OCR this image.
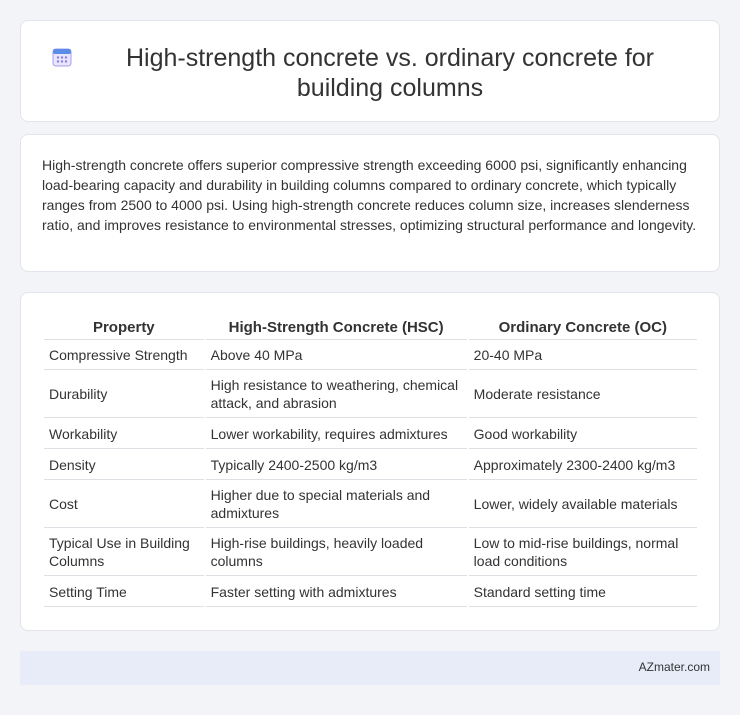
High-strength concrete vs. ordinary concrete for building columns

High-strength concrete offers superior compressive strength exceeding 6000 psi, significantly enhancing load-bearing capacity and durability in building columns compared to ordinary concrete, which typically ranges from 2500 to 4000 psi. Using high-strength concrete reduces column size, increases slenderness ratio, and improves resistance to environmental stresses, optimizing structural performance and longevity.

Property	High-Strength Concrete (HSC)	Ordinary Concrete (OC)
Compressive Strength	Above 40 MPa	20-40 MPa
Durability	High resistance to weathering, chemical attack, and abrasion	Moderate resistance
Workability	Lower workability, requires admixtures	Good workability
Density	Typically 2400-2500 kg/m3	Approximately 2300-2400 kg/m3
Cost	Higher due to special materials and admixtures	Lower, widely available materials
Typical Use in Building Columns	High-rise buildings, heavily loaded columns	Low to mid-rise buildings, normal load conditions
Setting Time	Faster setting with admixtures	Standard setting time
AZmater.com
